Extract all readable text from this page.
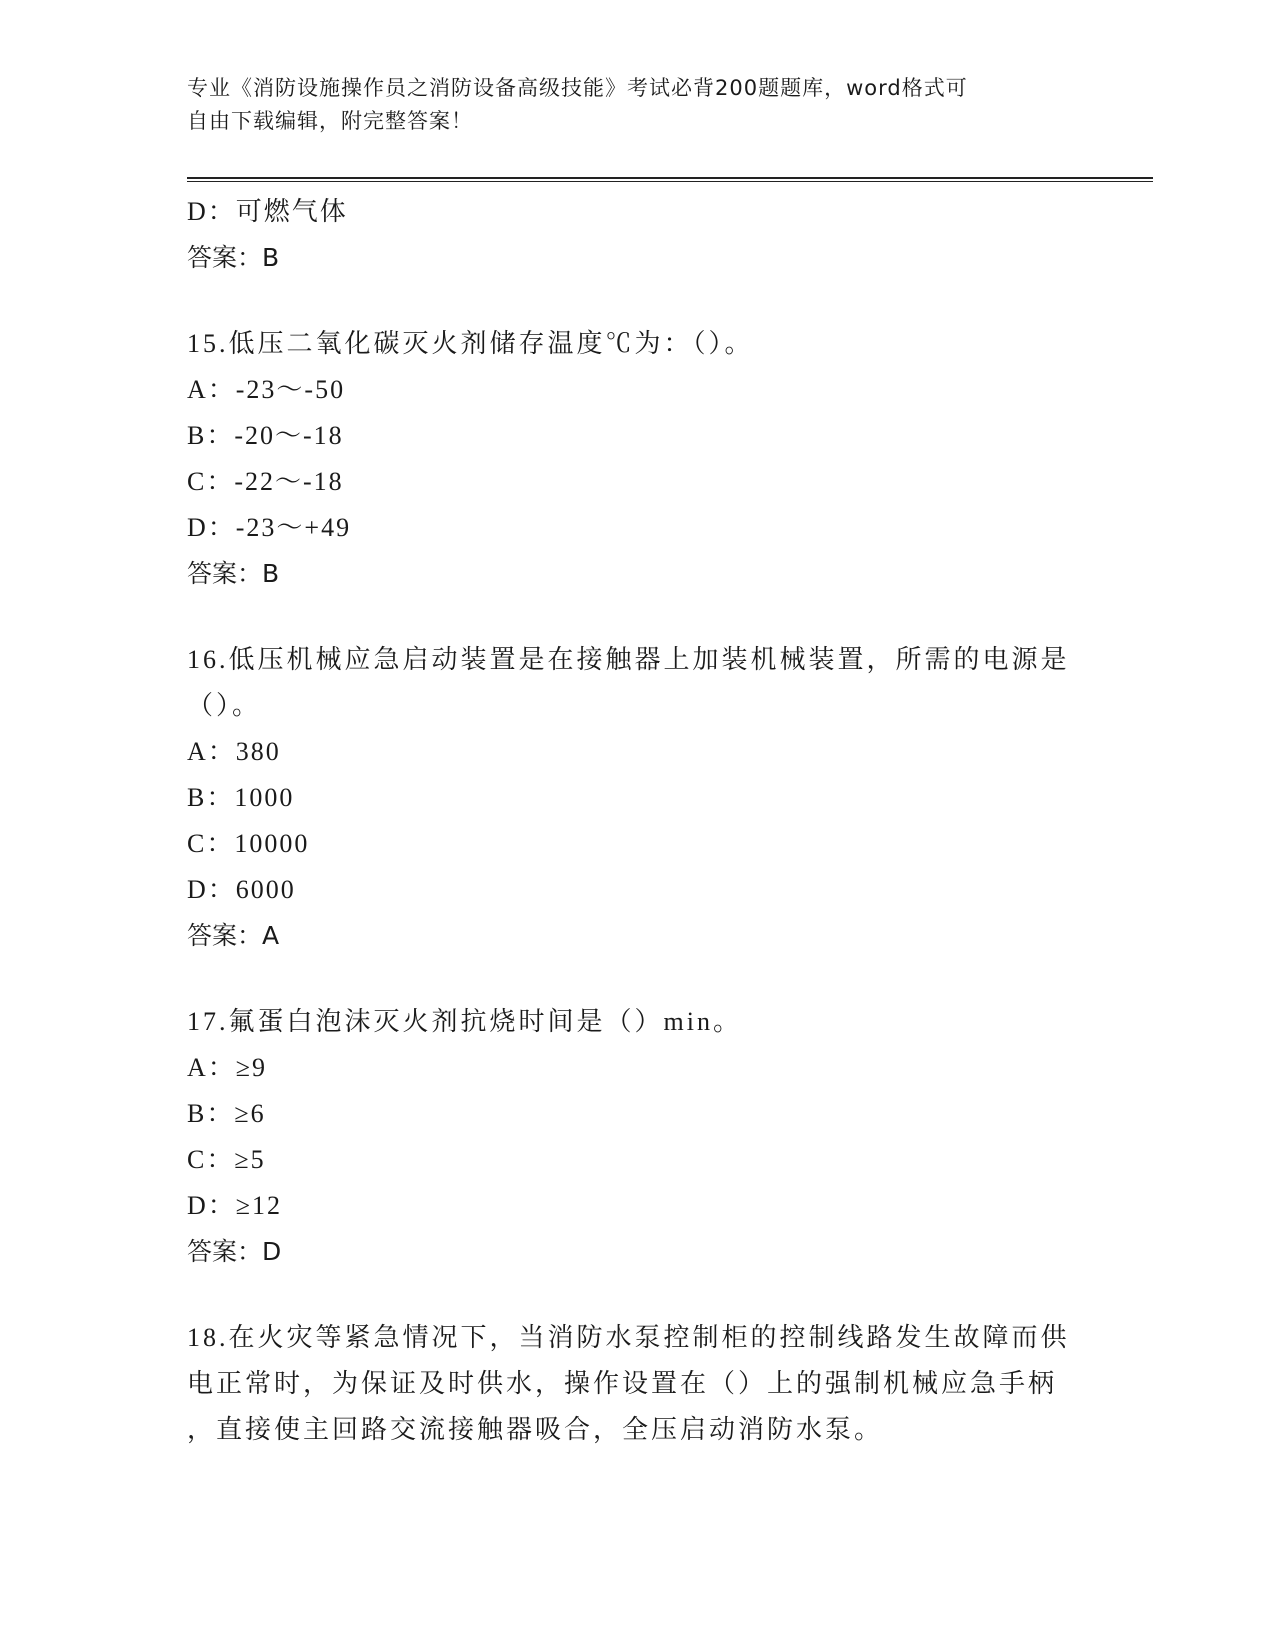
专业《消防设施操作员之消防设备高级技能》考试必背200题题库，word格式可
自由下载编辑，附完整答案！
D：可燃气体
答案：B
15.低压二氧化碳灭火剂储存温度℃为：（）。
A：-23～-50
B：-20～-18
C：-22～-18
D：-23～+49
答案：B
16.低压机械应急启动装置是在接触器上加装机械装置，所需的电源是
（）。
A：380
B：1000
C：10000
D：6000
答案：A
17.氟蛋白泡沫灭火剂抗烧时间是（）min。
A：≥9
B：≥6
C：≥5
D：≥12
答案：D
18.在火灾等紧急情况下，当消防水泵控制柜的控制线路发生故障而供
电正常时，为保证及时供水，操作设置在（）上的强制机械应急手柄
，直接使主回路交流接触器吸合，全压启动消防水泵。
